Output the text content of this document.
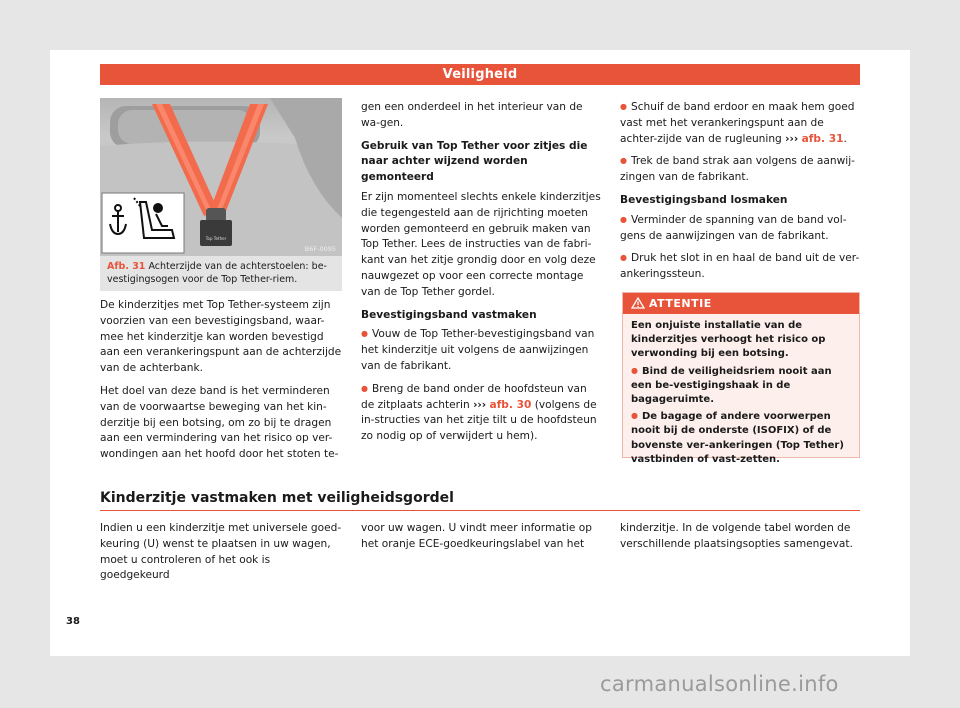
Veiligheid
Top Tether
B6F-0095
Afb. 31 Achterzijde van de achterstoelen: be-vestigingsogen voor de Top Tether-riem.

De kinderzitjes met Top Tether-systeem zijn voorzien van een bevestigingsband, waar-mee het kinderzitje kan worden bevestigd aan een verankeringspunt aan de achterzijde van de achterbank.

Het doel van deze band is het verminderen van de voorwaartse beweging van het kin-derzitje bij een botsing, om zo bij te dragen aan een vermindering van het risico op ver-wondingen aan het hoofd door het stoten te-

gen een onderdeel in het interieur van de wa-gen.

Gebruik van Top Tether voor zitjes die naar achter wijzend worden gemonteerd

Er zijn momenteel slechts enkele kinderzitjes die tegengesteld aan de rijrichting moeten worden gemonteerd en gebruik maken van Top Tether. Lees de instructies van de fabri-kant van het zitje grondig door en volg deze nauwgezet op voor een correcte montage van de Top Tether gordel.

Bevestigingsband vastmaken

● Vouw de Top Tether-bevestigingsband van het kinderzitje uit volgens de aanwijzingen van de fabrikant.

● Breng de band onder de hoofdsteun van de zitplaats achterin ››› afb. 30 (volgens de in-structies van het zitje tilt u de hoofdsteun zo nodig op of verwijdert u hem).

● Schuif de band erdoor en maak hem goed vast met het verankeringspunt aan de achter-zijde van de rugleuning ››› afb. 31.

● Trek de band strak aan volgens de aanwij-zingen van de fabrikant.

Bevestigingsband losmaken

● Verminder de spanning van de band vol-gens de aanwijzingen van de fabrikant.

● Druk het slot in en haal de band uit de ver-ankeringssteun.

ATTENTIE

Een onjuiste installatie van de kinderzitjes verhoogt het risico op verwonding bij een botsing.

● Bind de veiligheidsriem nooit aan een be-vestigingshaak in de bagageruimte.

● De bagage of andere voorwerpen nooit bij de onderste (ISOFIX) of de bovenste ver-ankeringen (Top Tether) vastbinden of vast-zetten.

Kinderzitje vastmaken met veiligheidsgordel

Indien u een kinderzitje met universele goed-keuring (U) wenst te plaatsen in uw wagen, moet u controleren of het ook is goedgekeurd

voor uw wagen. U vindt meer informatie op het oranje ECE-goedkeuringslabel van het

kinderzitje. In de volgende tabel worden de verschillende plaatsingsopties samengevat.

38
carmanualsonline.info
